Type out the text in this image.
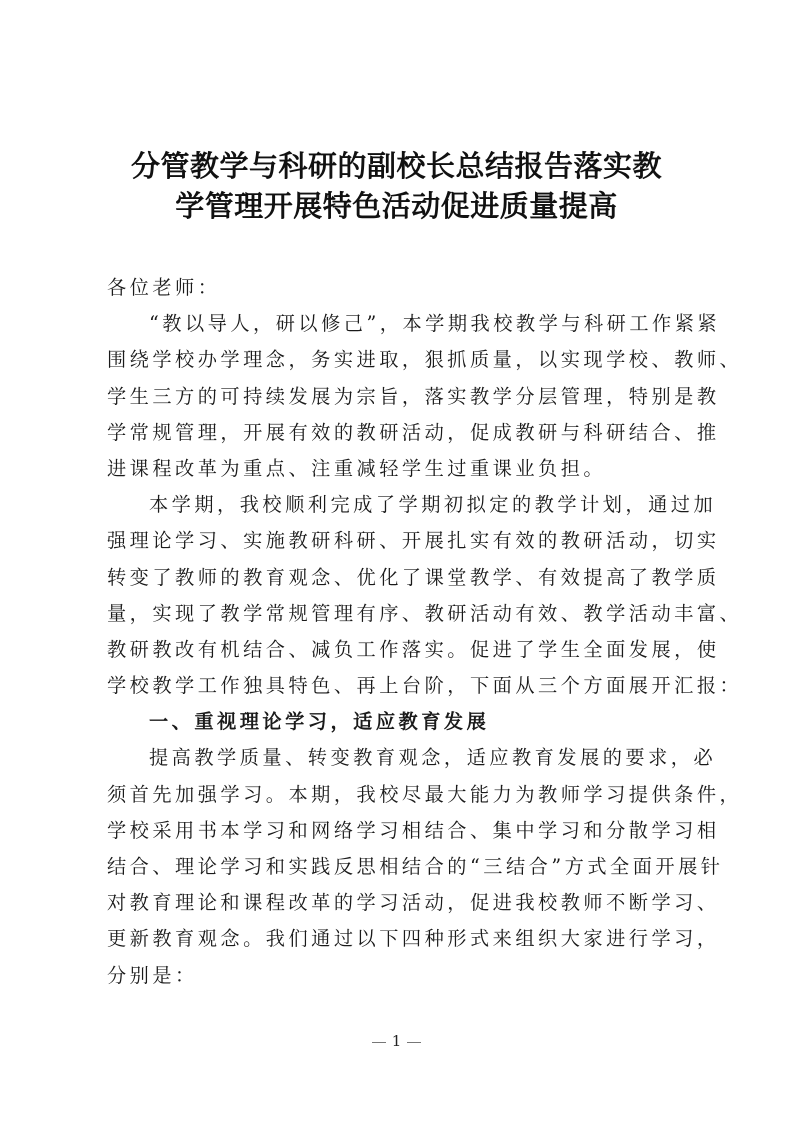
分管教学与科研的副校长总结报告落实教
学管理开展特色活动促进质量提高
各位老师：
“教以导人，研以修己”，本学期我校教学与科研工作紧紧
围绕学校办学理念，务实进取，狠抓质量，以实现学校、教师、
学生三方的可持续发展为宗旨，落实教学分层管理，特别是教
学常规管理，开展有效的教研活动，促成教研与科研结合、推
进课程改革为重点、注重减轻学生过重课业负担。
本学期，我校顺利完成了学期初拟定的教学计划，通过加
强理论学习、实施教研科研、开展扎实有效的教研活动，切实
转变了教师的教育观念、优化了课堂教学、有效提高了教学质
量，实现了教学常规管理有序、教研活动有效、教学活动丰富、
教研教改有机结合、减负工作落实。促进了学生全面发展，使
学校教学工作独具特色、再上台阶，下面从三个方面展开汇报：
一、重视理论学习，适应教育发展
提高教学质量、转变教育观念，适应教育发展的要求，必
须首先加强学习。本期，我校尽最大能力为教师学习提供条件，
学校采用书本学习和网络学习相结合、集中学习和分散学习相
结合、理论学习和实践反思相结合的“三结合”方式全面开展针
对教育理论和课程改革的学习活动，促进我校教师不断学习、
更新教育观念。我们通过以下四种形式来组织大家进行学习，
分别是：
1
